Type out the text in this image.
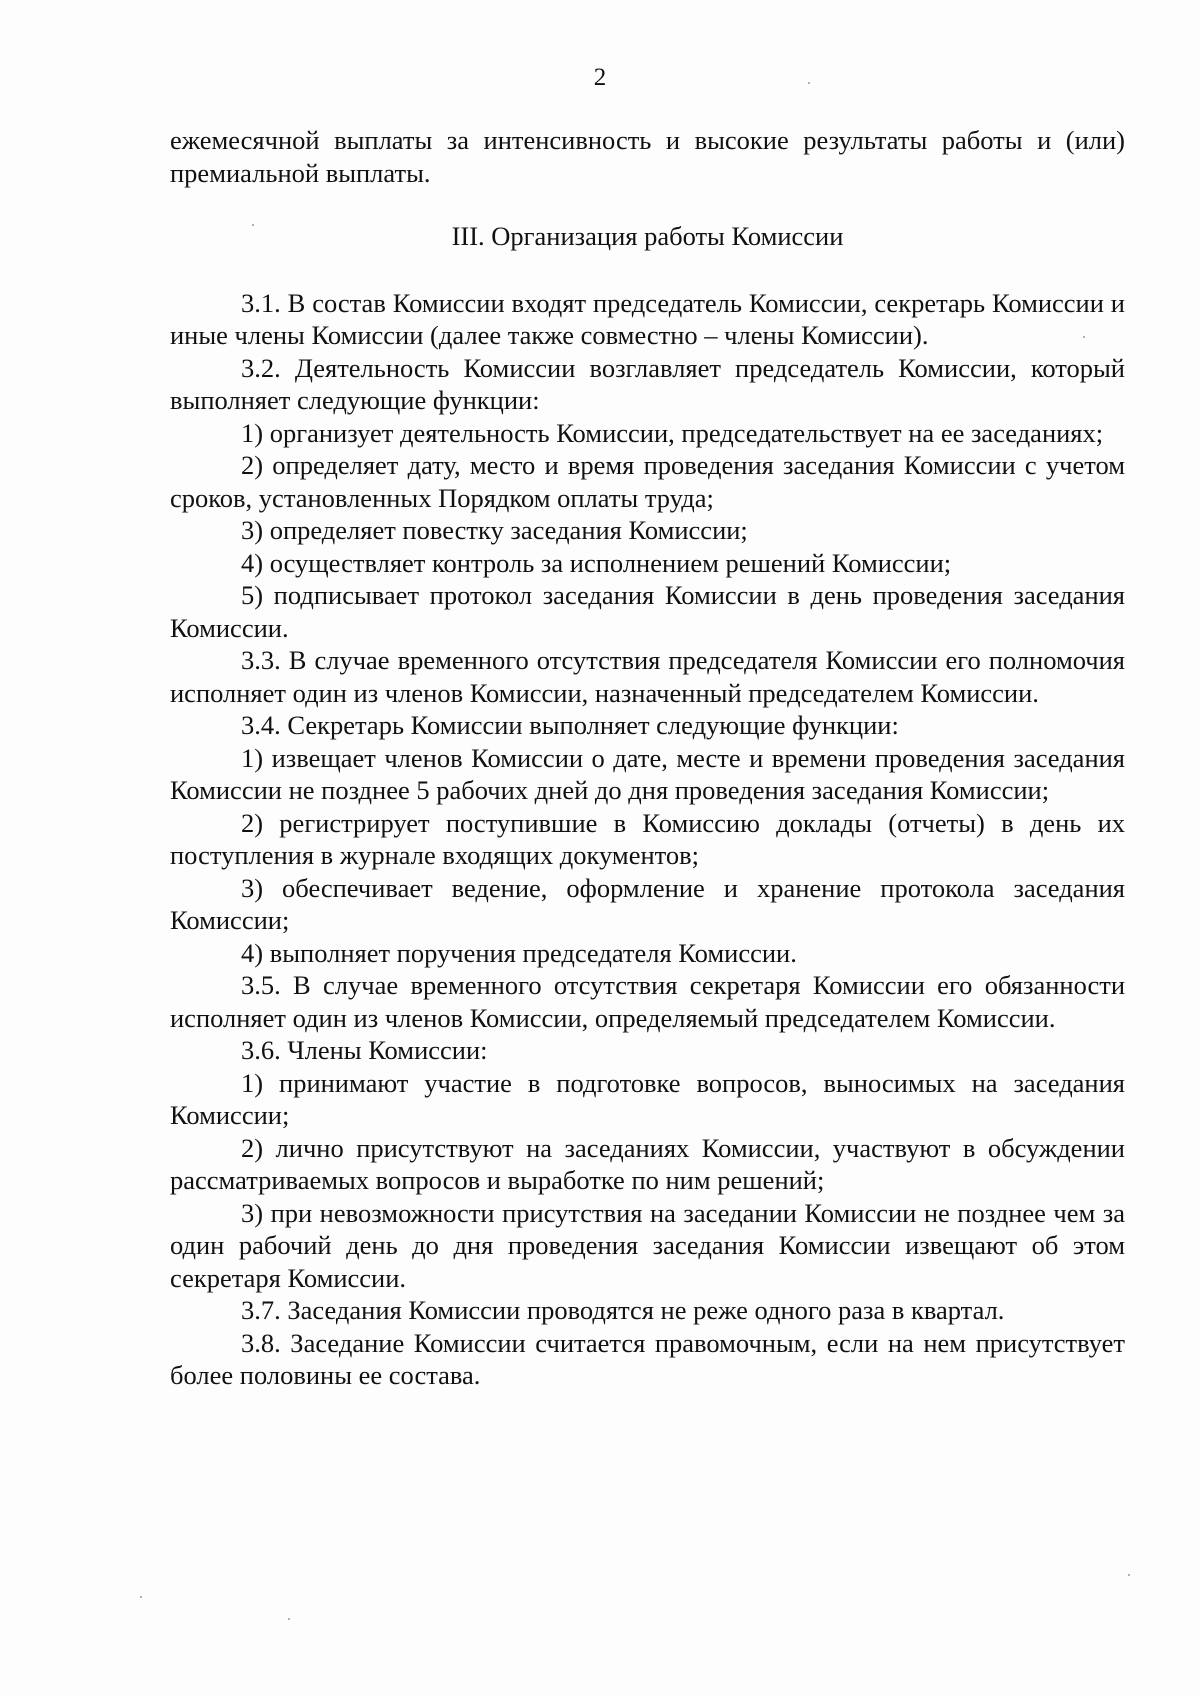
2

ежемесячной выплаты за интенсивность и высокие результаты работы и (или) премиальной выплаты.

III. Организация работы Комиссии

3.1. В состав Комиссии входят председатель Комиссии, секретарь Комиссии и иные члены Комиссии (далее также совместно – члены Комиссии).

3.2. Деятельность Комиссии возглавляет председатель Комиссии, который выполняет следующие функции:

1) организует деятельность Комиссии, председательствует на ее заседаниях;

2) определяет дату, место и время проведения заседания Комиссии с учетом сроков, установленных Порядком оплаты труда;

3) определяет повестку заседания Комиссии;

4) осуществляет контроль за исполнением решений Комиссии;

5) подписывает протокол заседания Комиссии в день проведения заседания Комиссии.

3.3. В случае временного отсутствия председателя Комиссии его полномочия исполняет один из членов Комиссии, назначенный председателем Комиссии.

3.4. Секретарь Комиссии выполняет следующие функции:

1) извещает членов Комиссии о дате, месте и времени проведения заседания Комиссии не позднее 5 рабочих дней до дня проведения заседания Комиссии;

2) регистрирует поступившие в Комиссию доклады (отчеты) в день их поступления в журнале входящих документов;

3) обеспечивает ведение, оформление и хранение протокола заседания Комиссии;

4) выполняет поручения председателя Комиссии.

3.5. В случае временного отсутствия секретаря Комиссии его обязанности исполняет один из членов Комиссии, определяемый председателем Комиссии.

3.6. Члены Комиссии:

1) принимают участие в подготовке вопросов, выносимых на заседания Комиссии;

2) лично присутствуют на заседаниях Комиссии, участвуют в обсуждении рассматриваемых вопросов и выработке по ним решений;

3) при невозможности присутствия на заседании Комиссии не позднее чем за один рабочий день до дня проведения заседания Комиссии извещают об этом секретаря Комиссии.

3.7. Заседания Комиссии проводятся не реже одного раза в квартал.

3.8. Заседание Комиссии считается правомочным, если на нем присутствует более половины ее состава.
